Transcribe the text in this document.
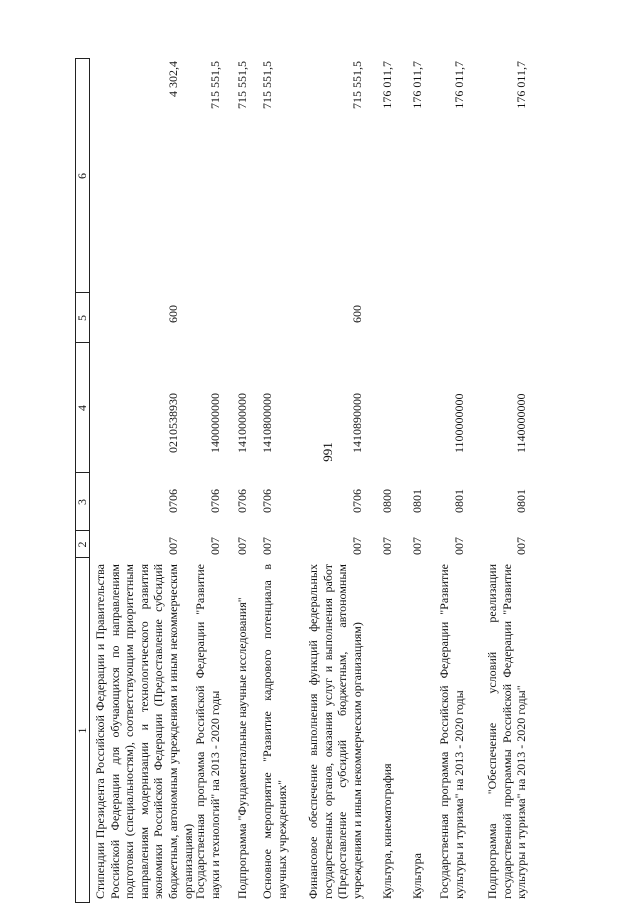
991
1
2
3
4
5
6
Стипендии Президента Российской Федерации и Правительства Российской Федерации для обучающихся по направлениям подготовки (специальностям), соответствующим приоритетным направлениям модернизации и технологического развития экономики Российской Федерации (Предоставление субсидий бюджетным, автономным учреждениям и иным некоммерческим организациям)
007
0706
0210538930
600
4 302,4
Государственная программа Российской Федерации "Развитие науки и технологий" на 2013 - 2020 годы
007
0706
1400000000
715 551,5
Подпрограмма "Фундаментальные научные исследования"
007
0706
1410000000
715 551,5
Основное мероприятие "Развитие кадрового потенциала в научных учреждениях"
007
0706
1410800000
715 551,5
Финансовое обеспечение выполнения функций федеральных государственных органов, оказания услуг и выполнения работ (Предоставление субсидий бюджетным, автономным учреждениям и иным некоммерческим организациям)
007
0706
1410890000
600
715 551,5
Культура, кинематография
007
0800
176 011,7
Культура
007
0801
176 011,7
Государственная программа Российской Федерации "Развитие культуры и туризма" на 2013 - 2020 годы
007
0801
1100000000
176 011,7
Подпрограмма "Обеспечение условий реализации государственной программы Российской Федерации "Развитие культуры и туризма" на 2013 - 2020 годы"
007
0801
1140000000
176 011,7
